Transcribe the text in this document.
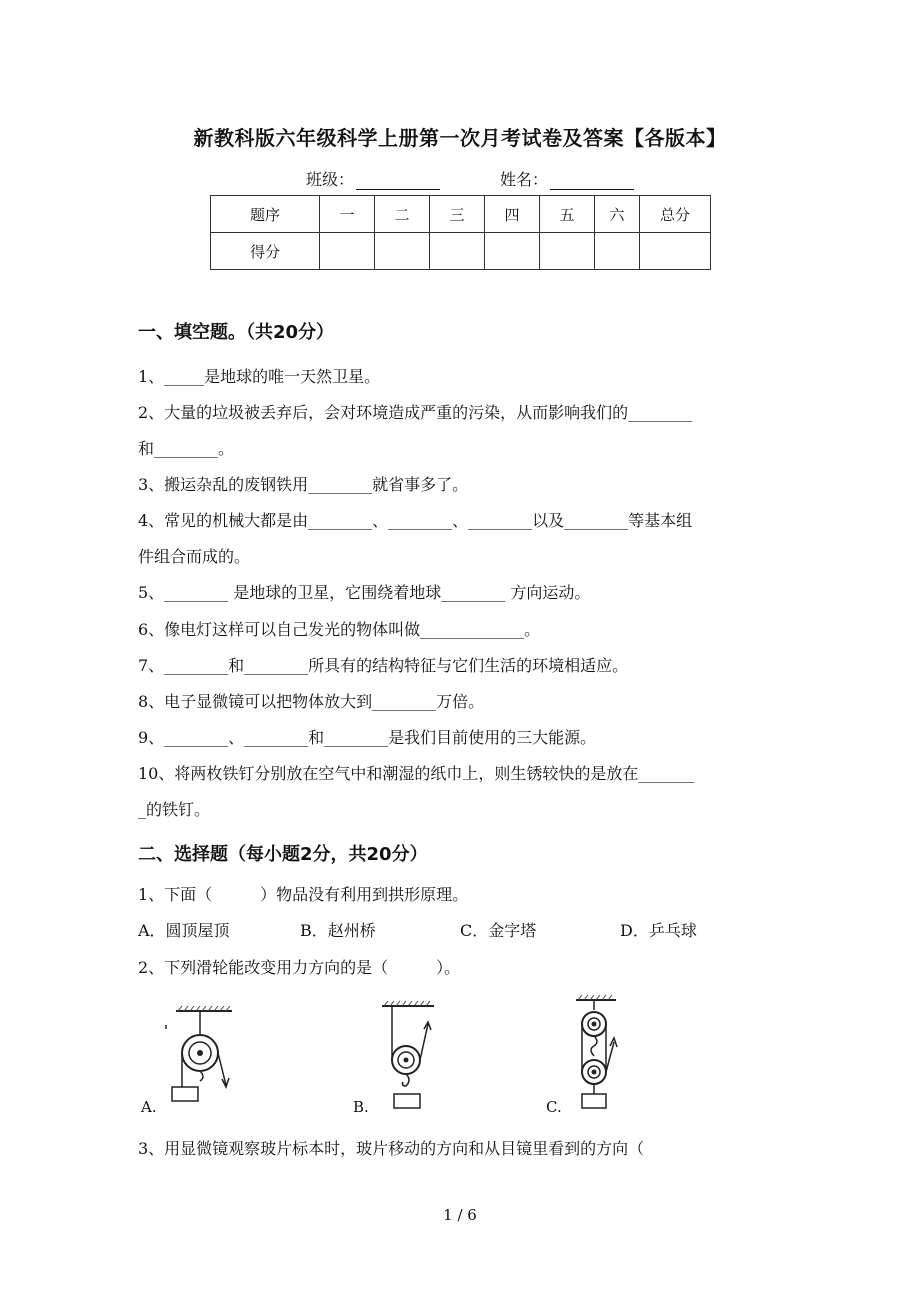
新教科版六年级科学上册第一次月考试卷及答案【各版本】
班级：	姓名：
题序	一	二	三	四	五	六	总分
得分							
一、填空题。（共20分）
1、_____是地球的唯一天然卫星。
2、大量的垃圾被丢弃后，会对环境造成严重的污染，从而影响我们的________
和________。
3、搬运杂乱的废钢铁用________就省事多了。
4、常见的机械大都是由________、________、________以及________等基本组
件组合而成的。
5、________ 是地球的卫星，它围绕着地球________ 方向运动。
6、像电灯这样可以自己发光的物体叫做_____________。
7、________和________所具有的结构特征与它们生活的环境相适应。
8、电子显微镜可以把物体放大到________万倍。
9、________、________和________是我们目前使用的三大能源。
10、将两枚铁钉分别放在空气中和潮湿的纸巾上，则生锈较快的是放在_______
_的铁钉。
二、选择题（每小题2分，共20分）
1、下面（　　　）物品没有利用到拱形原理。
A．圆顶屋顶	B．赵州桥	C．金字塔	D．乒乓球
2、下列滑轮能改变用力方向的是（　　　）。
A.	B.	C.
3、用显微镜观察玻片标本时，玻片移动的方向和从目镜里看到的方向（
1 / 6
